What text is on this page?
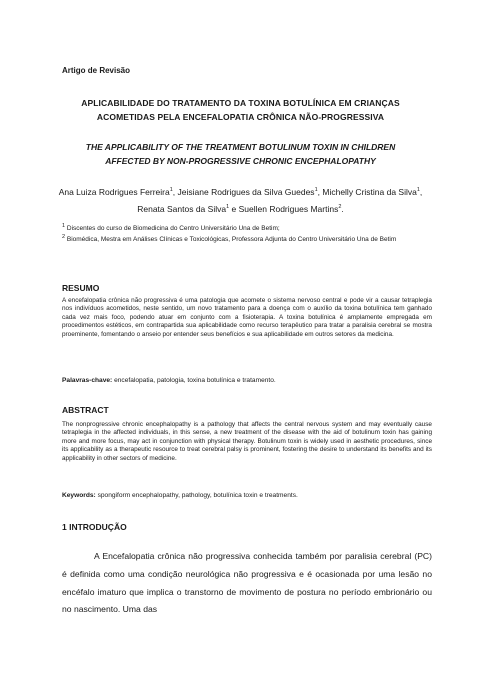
Artigo de Revisão
APLICABILIDADE DO TRATAMENTO DA TOXINA BOTULÍNICA EM CRIANÇAS
ACOMETIDAS PELA ENCEFALOPATIA CRÔNICA NÃO-PROGRESSIVA
THE APPLICABILITY OF THE TREATMENT BOTULINUM TOXIN IN CHILDREN
AFFECTED BY NON-PROGRESSIVE CHRONIC ENCEPHALOPATHY
Ana Luiza Rodrigues Ferreira$^1$, Jeisiane Rodrigues da Silva Guedes$^1$, Michelly Cristina da Silva$^1$, Renata Santos da Silva$^1$ e Suellen Rodrigues Martins$^2$.
$^1$ Discentes do curso de Biomedicina do Centro Universitário Una de Betim;
$^2$ Biomédica, Mestra em Análises Clínicas e Toxicológicas, Professora Adjunta do Centro Universitário Una de Betim
RESUMO
A encefalopatia crônica não progressiva é uma patologia que acomete o sistema nervoso central e pode vir a causar tetraplegia nos indivíduos acometidos, neste sentido, um novo tratamento para a doença com o auxílio da toxina botulínica tem ganhado cada vez mais foco, podendo atuar em conjunto com a fisioterapia. A toxina botulínica é amplamente empregada em procedimentos estéticos, em contrapartida sua aplicabilidade como recurso terapêutico para tratar a paralisia cerebral se mostra proeminente, fomentando o anseio por entender seus benefícios e sua aplicabilidade em outros setores da medicina.
Palavras-chave: encefalopatia, patologia, toxina botulínica e tratamento.
ABSTRACT
The nonprogressive chronic encephalopathy is a pathology that affects the central nervous system and may eventually cause tetraplegia in the affected individuals, in this sense, a new treatment of the disease with the aid of botulinum toxin has gaining more and more focus, may act in conjunction with physical therapy. Botulinum toxin is widely used in aesthetic procedures, since its applicability as a therapeutic resource to treat cerebral palsy is prominent, fostering the desire to understand its benefits and its applicability in other sectors of medicine.
Keywords: spongiform encephalopathy, pathology, botulínica toxin e treatments.
1 INTRODUÇÃO
A Encefalopatia crônica não progressiva conhecida também por paralisia cerebral (PC) é definida como uma condição neurológica não progressiva e é ocasionada por uma lesão no encéfalo imaturo que implica o transtorno de movimento de postura no período embrionário ou no nascimento. Uma das
